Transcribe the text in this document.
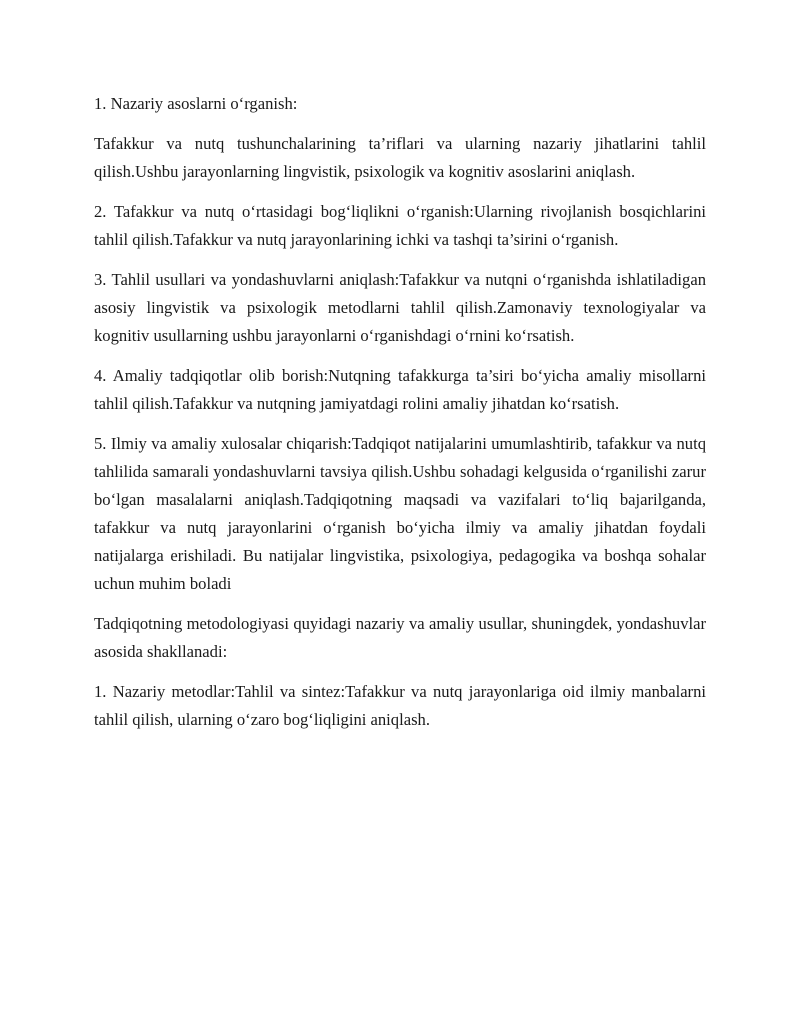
1. Nazariy asoslarni o‘rganish:

Tafakkur va nutq tushunchalarining ta’riflari va ularning nazariy jihatlarini tahlil qilish.Ushbu jarayonlarning lingvistik, psixologik va kognitiv asoslarini aniqlash.

2. Tafakkur va nutq o‘rtasidagi bog‘liqlikni o‘rganish:Ularning rivojlanish bosqichlarini tahlil qilish.Tafakkur va nutq jarayonlarining ichki va tashqi ta’sirini o‘rganish.

3. Tahlil usullari va yondashuvlarni aniqlash:Tafakkur va nutqni o‘rganishda ishlatiladigan asosiy lingvistik va psixologik metodlarni tahlil qilish.Zamonaviy texnologiyalar va kognitiv usullarning ushbu jarayonlarni o‘rganishdagi o‘rnini ko‘rsatish.

4. Amaliy tadqiqotlar olib borish:Nutqning tafakkurga ta’siri bo‘yicha amaliy misollarni tahlil qilish.Tafakkur va nutqning jamiyatdagi rolini amaliy jihatdan ko‘rsatish.

5. Ilmiy va amaliy xulosalar chiqarish:Tadqiqot natijalarini umumlashtirib, tafakkur va nutq tahlilida samarali yondashuvlarni tavsiya qilish.Ushbu sohadagi kelgusida o‘rganilishi zarur bo‘lgan masalalarni aniqlash.Tadqiqotning maqsadi va vazifalari to‘liq bajarilganda, tafakkur va nutq jarayonlarini o‘rganish bo‘yicha ilmiy va amaliy jihatdan foydali natijalarga erishiladi. Bu natijalar lingvistika, psixologiya, pedagogika va boshqa sohalar uchun muhim boladi

Tadqiqotning metodologiyasi quyidagi nazariy va amaliy usullar, shuningdek, yondashuvlar asosida shakllanadi:

1. Nazariy metodlar:Tahlil va sintez:Tafakkur va nutq jarayonlariga oid ilmiy manbalarni tahlil qilish, ularning o‘zaro bog‘liqligini aniqlash.
